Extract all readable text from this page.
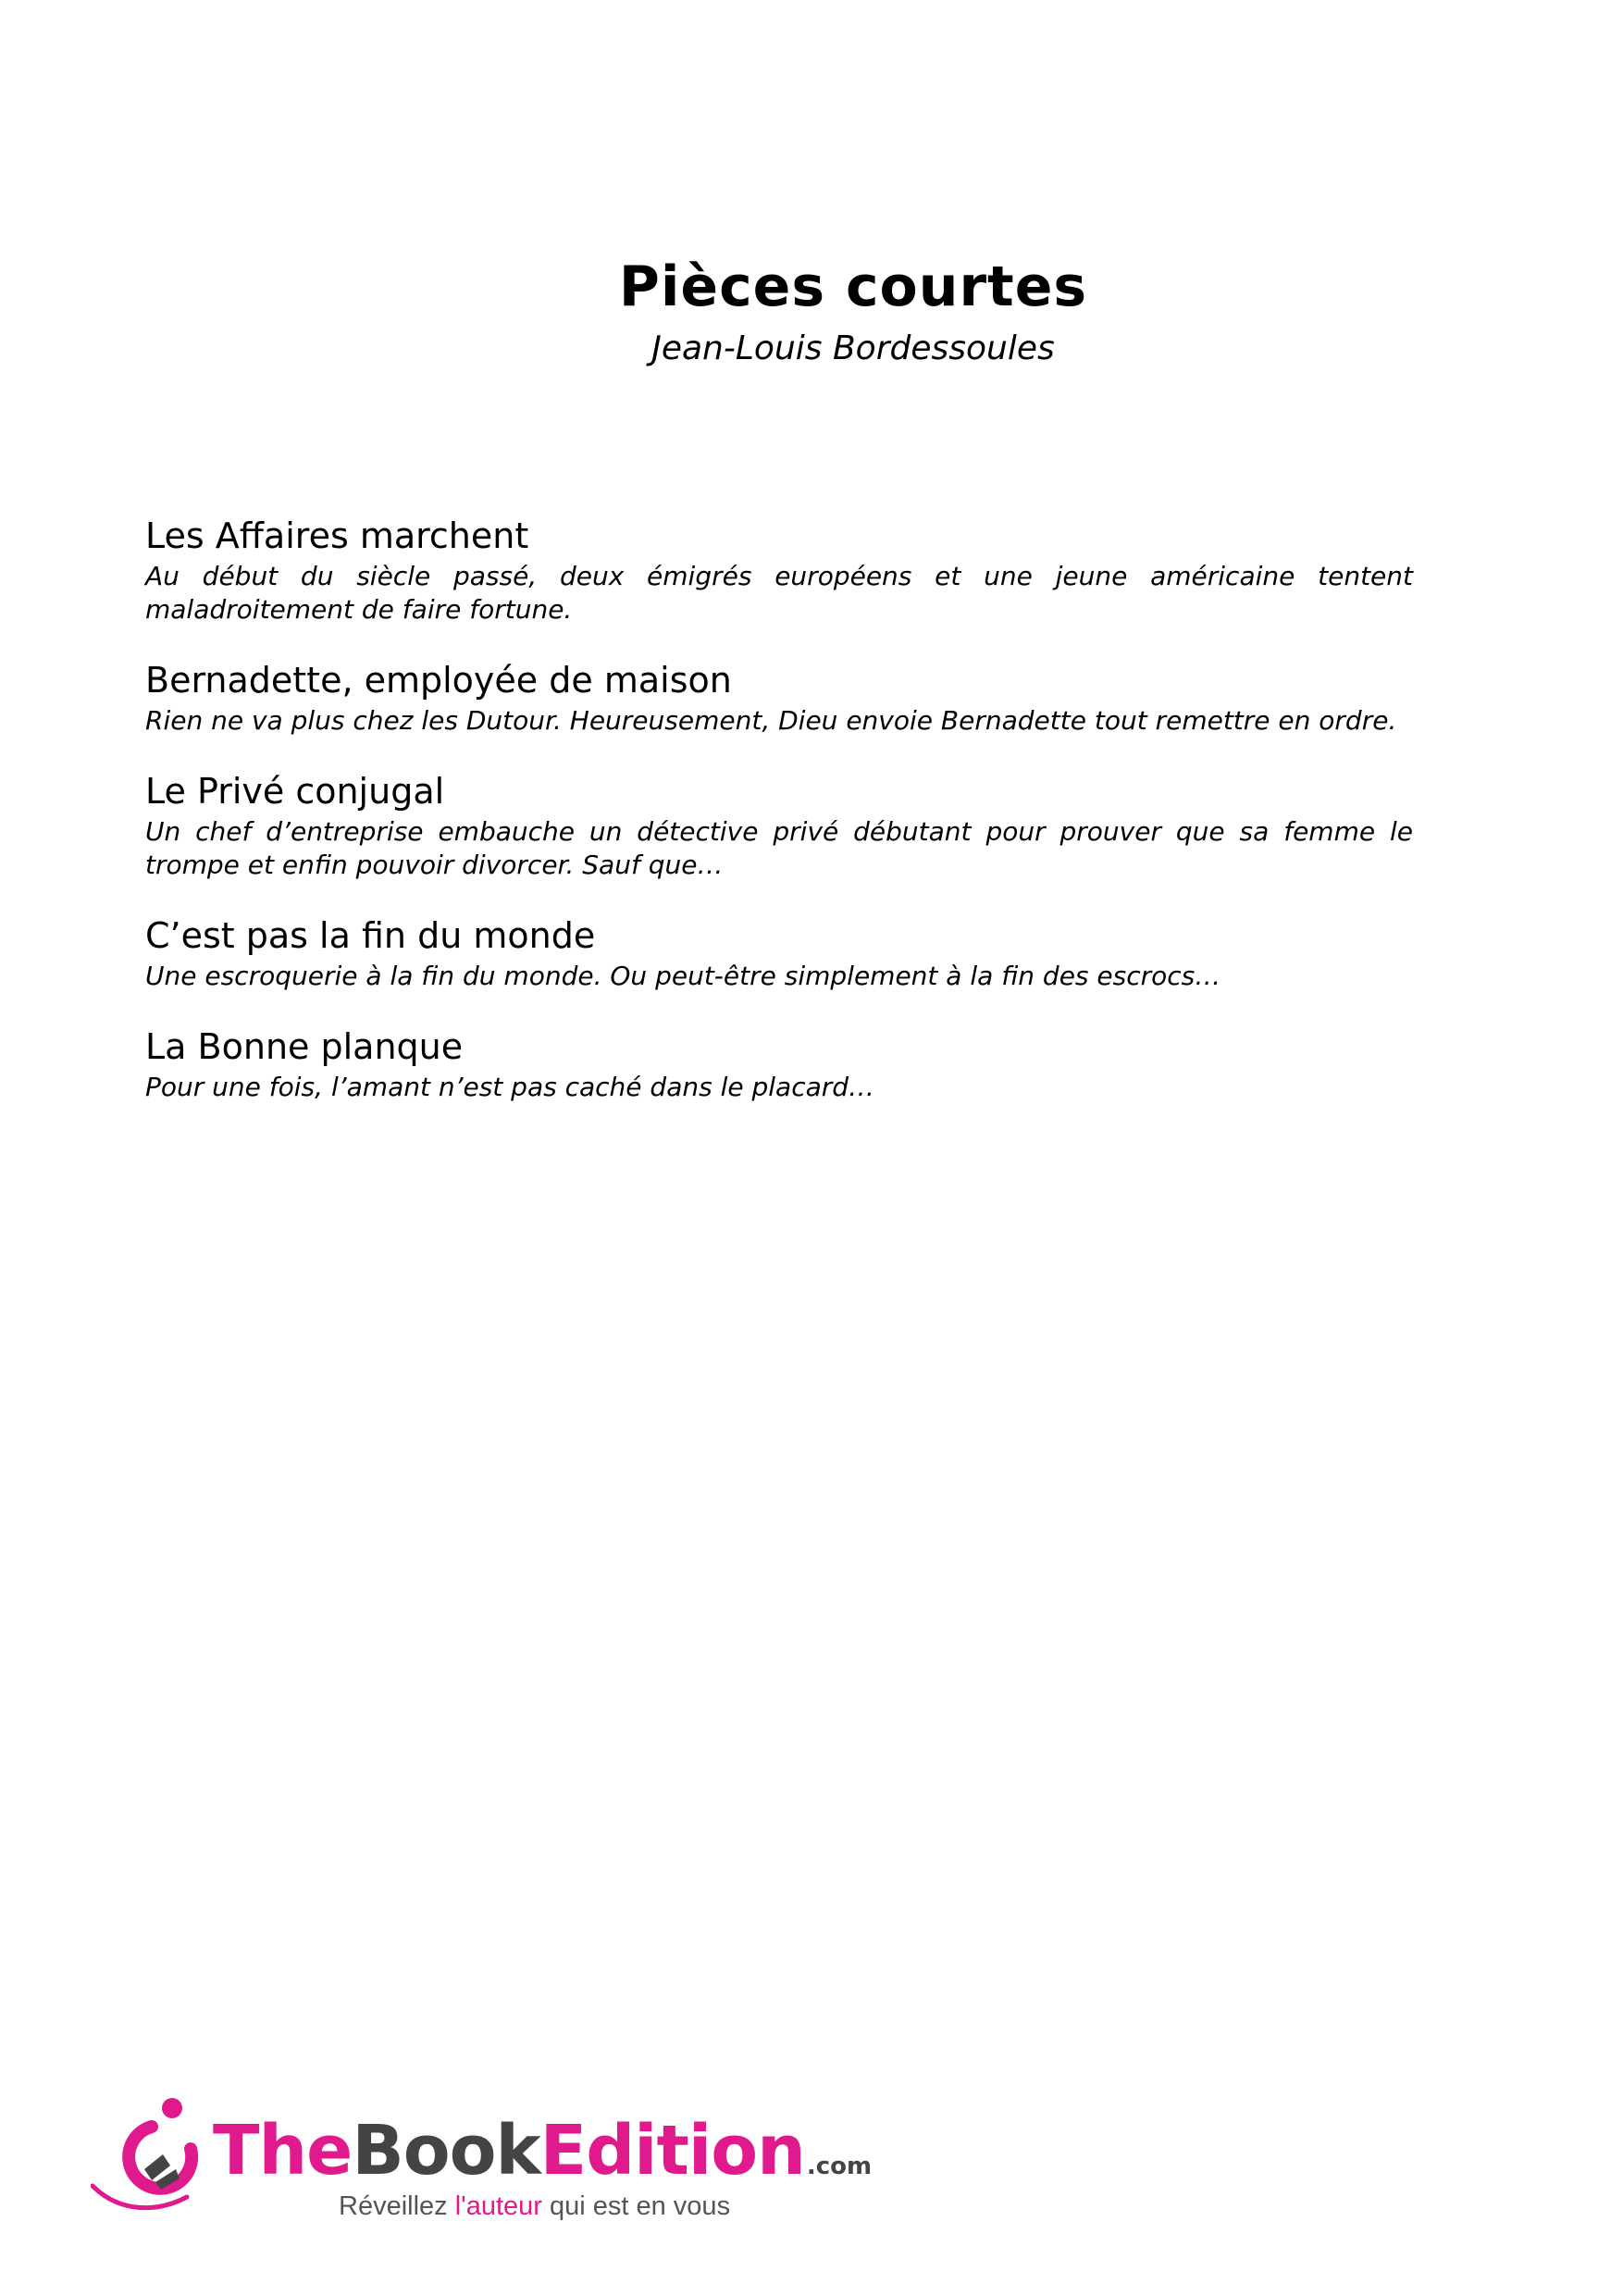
Pièces courtes

Jean-Louis Bordessoules

Les Affaires marchent

Au début du siècle passé, deux émigrés européens et une jeune américaine tentent maladroitement de faire fortune.

Bernadette, employée de maison

Rien ne va plus chez les Dutour. Heureusement, Dieu envoie Bernadette tout remettre en ordre.

Le Privé conjugal

Un chef d’entreprise embauche un détective privé débutant pour prouver que sa femme le trompe et enfin pouvoir divorcer. Sauf que…

C’est pas la fin du monde

Une escroquerie à la fin du monde. Ou peut-être simplement à la fin des escrocs…

La Bonne planque

Pour une fois, l’amant n’est pas caché dans le placard…

TheBookEdition.com
Réveillez l'auteur qui est en vous
